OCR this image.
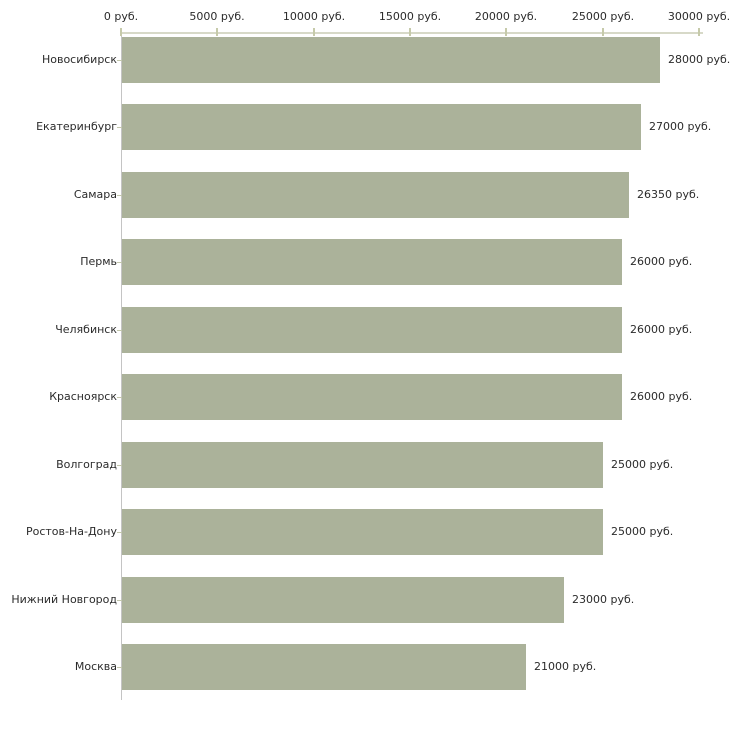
0 руб.	5000 руб.	10000 руб.	15000 руб.	20000 руб.	25000 руб.	30000 руб.
Новосибирск	28000 руб.
Екатеринбург	27000 руб.
Самара	26350 руб.
Пермь	26000 руб.
Челябинск	26000 руб.
Красноярск	26000 руб.
Волгоград	25000 руб.
Ростов-На-Дону	25000 руб.
Нижний Новгород	23000 руб.
Москва	21000 руб.
